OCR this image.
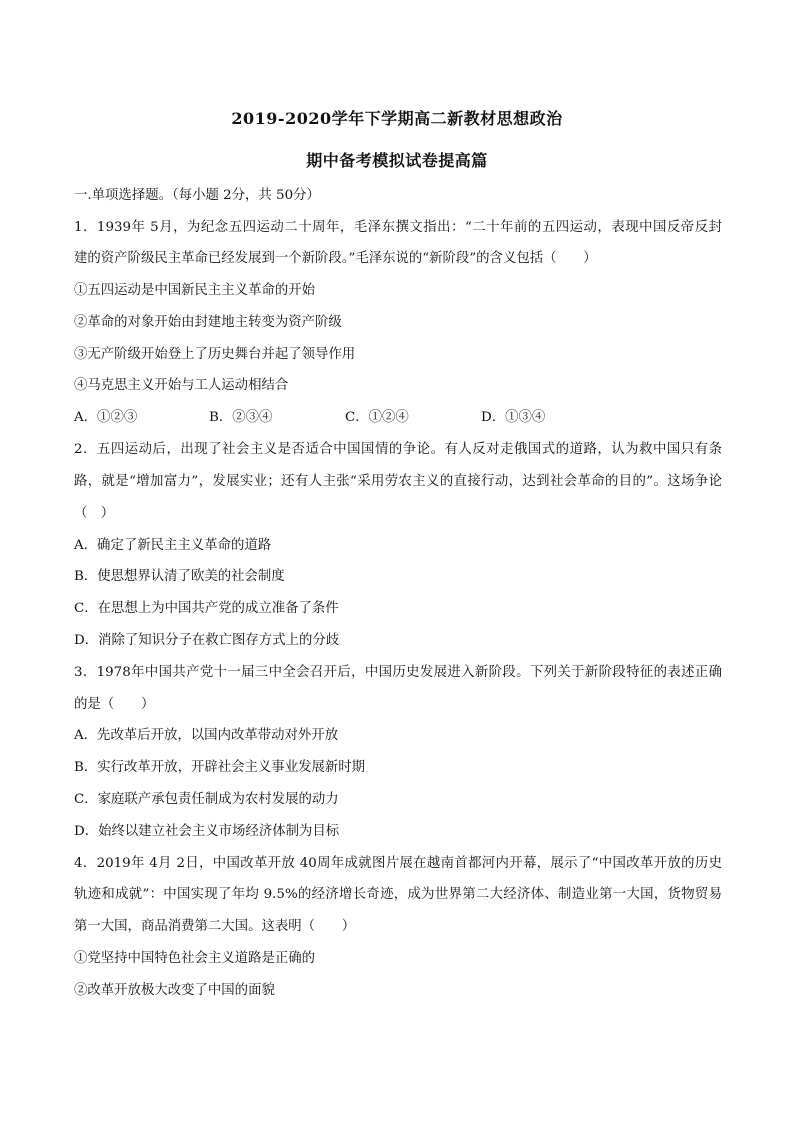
2019-2020学年下学期高二新教材思想政治
期中备考模拟试卷提高篇
一.单项选择题。（每小题 2分，共 50分）
1．1939年 5月，为纪念五四运动二十周年，毛泽东撰文指出：“二十年前的五四运动，表现中国反帝反封
建的资产阶级民主革命已经发展到一个新阶段。”毛泽东说的“新阶段”的含义包括（　　）
①五四运动是中国新民主主义革命的开始
②革命的对象开始由封建地主转变为资产阶级
③无产阶级开始登上了历史舞台并起了领导作用
④马克思主义开始与工人运动相结合
A．①②③	B．②③④	C．①②④	D．①③④
2．五四运动后，出现了社会主义是否适合中国国情的争论。有人反对走俄国式的道路，认为救中国只有条
路，就是“增加富力”，发展实业；还有人主张“采用劳农主义的直接行动，达到社会革命的目的”。这场争论
（　）
A．确定了新民主主义革命的道路
B．使思想界认清了欧美的社会制度
C．在思想上为中国共产党的成立准备了条件
D．消除了知识分子在救亡图存方式上的分歧
3．1978年中国共产党十一届三中全会召开后，中国历史发展进入新阶段。下列关于新阶段特征的表述正确
的是（　　）
A．先改革后开放，以国内改革带动对外开放
B．实行改革开放，开辟社会主义事业发展新时期
C．家庭联产承包责任制成为农村发展的动力
D．始终以建立社会主义市场经济体制为目标
4．2019年 4月 2日，中国改革开放 40周年成就图片展在越南首都河内开幕，展示了“中国改革开放的历史
轨迹和成就”：中国实现了年均 9.5%的经济增长奇迹，成为世界第二大经济体、制造业第一大国，货物贸易
第一大国，商品消费第二大国。这表明（　　）
①党坚持中国特色社会主义道路是正确的
②改革开放极大改变了中国的面貌
